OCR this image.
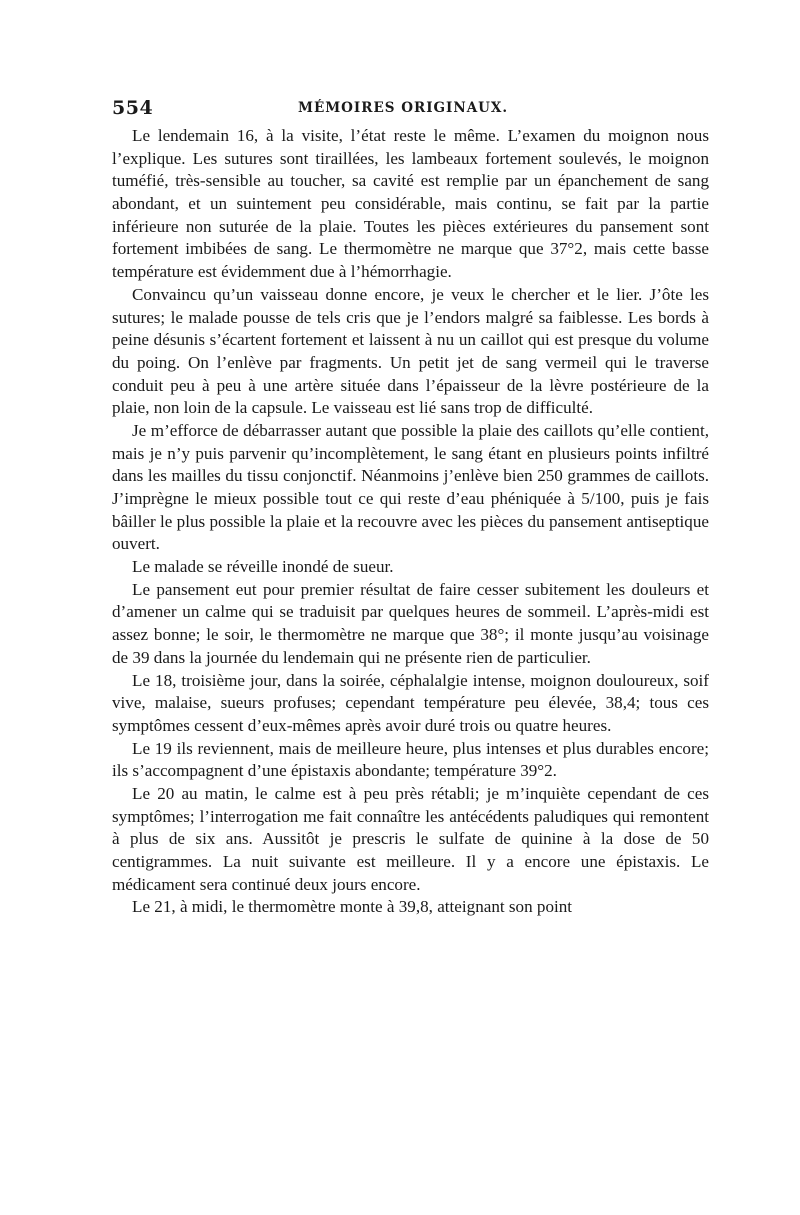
554	MÉMOIRES ORIGINAUX.

Le lendemain 16, à la visite, l’état reste le même. L’examen du moignon nous l’explique. Les sutures sont tiraillées, les lambeaux fortement soulevés, le moignon tuméfié, très-sensible au toucher, sa cavité est remplie par un épanchement de sang abondant, et un suintement peu considérable, mais continu, se fait par la partie inférieure non suturée de la plaie. Toutes les pièces extérieures du pansement sont fortement imbibées de sang. Le thermomètre ne marque que 37°2, mais cette basse température est évidemment due à l’hémorrhagie.

Convaincu qu’un vaisseau donne encore, je veux le chercher et le lier. J’ôte les sutures; le malade pousse de tels cris que je l’endors malgré sa faiblesse. Les bords à peine désunis s’écartent fortement et laissent à nu un caillot qui est presque du volume du poing. On l’enlève par fragments. Un petit jet de sang vermeil qui le traverse conduit peu à peu à une artère située dans l’épaisseur de la lèvre postérieure de la plaie, non loin de la capsule. Le vaisseau est lié sans trop de difficulté.

Je m’efforce de débarrasser autant que possible la plaie des caillots qu’elle contient, mais je n’y puis parvenir qu’incomplètement, le sang étant en plusieurs points infiltré dans les mailles du tissu conjonctif. Néanmoins j’enlève bien 250 grammes de caillots. J’imprègne le mieux possible tout ce qui reste d’eau phéniquée à 5/100, puis je fais bâiller le plus possible la plaie et la recouvre avec les pièces du pansement antiseptique ouvert.

Le malade se réveille inondé de sueur.

Le pansement eut pour premier résultat de faire cesser subitement les douleurs et d’amener un calme qui se traduisit par quelques heures de sommeil. L’après-midi est assez bonne; le soir, le thermomètre ne marque que 38°; il monte jusqu’au voisinage de 39 dans la journée du lendemain qui ne présente rien de particulier.

Le 18, troisième jour, dans la soirée, céphalalgie intense, moignon douloureux, soif vive, malaise, sueurs profuses; cependant température peu élevée, 38,4; tous ces symptômes cessent d’eux-mêmes après avoir duré trois ou quatre heures.

Le 19 ils reviennent, mais de meilleure heure, plus intenses et plus durables encore; ils s’accompagnent d’une épistaxis abondante; température 39°2.

Le 20 au matin, le calme est à peu près rétabli; je m’inquiète cependant de ces symptômes; l’interrogation me fait connaître les antécédents paludiques qui remontent à plus de six ans. Aussitôt je prescris le sulfate de quinine à la dose de 50 centigrammes. La nuit suivante est meilleure. Il y a encore une épistaxis. Le médicament sera continué deux jours encore.

Le 21, à midi, le thermomètre monte à 39,8, atteignant son point
